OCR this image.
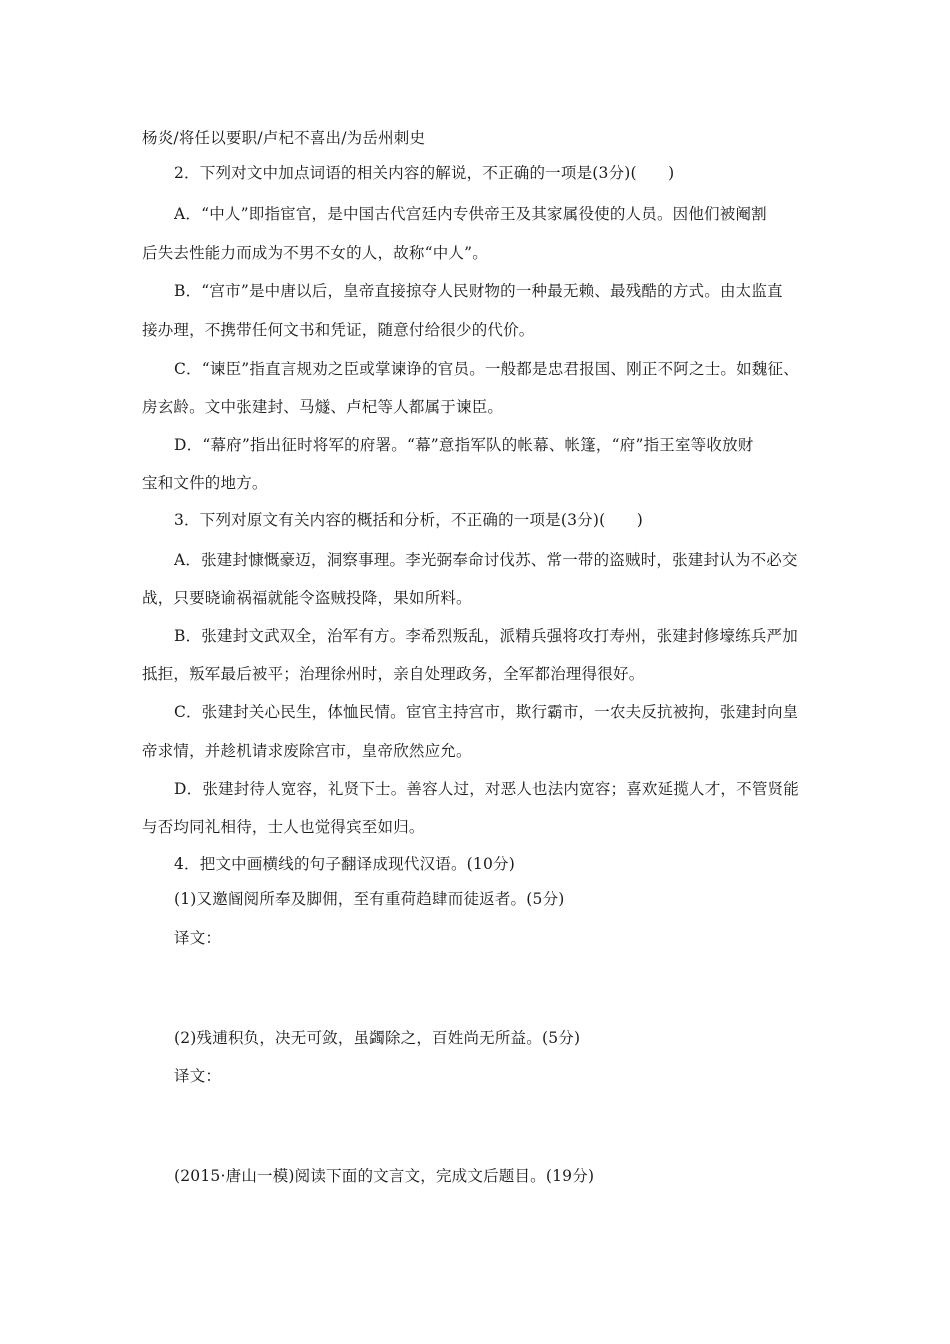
杨炎/将任以要职/卢杞不喜出/为岳州刺史
2．下列对文中加点词语的相关内容的解说，不正确的一项是(3分)(　　)
A．“中人”即指宦官，是中国古代宫廷内专供帝王及其家属役使的人员。因他们被阉割
后失去性能力而成为不男不女的人，故称“中人”。
B．“宫市”是中唐以后，皇帝直接掠夺人民财物的一种最无赖、最残酷的方式。由太监直
接办理，不携带任何文书和凭证，随意付给很少的代价。
C．“谏臣”指直言规劝之臣或掌谏诤的官员。一般都是忠君报国、刚正不阿之士。如魏征、
房玄龄。文中张建封、马燧、卢杞等人都属于谏臣。
D．“幕府”指出征时将军的府署。“幕”意指军队的帐幕、帐篷，“府”指王室等收放财
宝和文件的地方。
3．下列对原文有关内容的概括和分析，不正确的一项是(3分)(　　)
A．张建封慷慨豪迈，洞察事理。李光弼奉命讨伐苏、常一带的盗贼时，张建封认为不必交
战，只要晓谕祸福就能令盗贼投降，果如所料。
B．张建封文武双全，治军有方。李希烈叛乱，派精兵强将攻打寿州，张建封修壕练兵严加
抵拒，叛军最后被平；治理徐州时，亲自处理政务，全军都治理得很好。
C．张建封关心民生，体恤民情。宦官主持宫市，欺行霸市，一农夫反抗被拘，张建封向皇
帝求情，并趁机请求废除宫市，皇帝欣然应允。
D．张建封待人宽容，礼贤下士。善容人过，对恶人也法内宽容；喜欢延揽人才，不管贤能
与否均同礼相待，士人也觉得宾至如归。
4．把文中画横线的句子翻译成现代汉语。(10分)
(1)又邀阍阅所奉及脚佣，至有重荷趋肆而徒返者。(5分)
译文：
(2)残逋积负，决无可敛，虽蠲除之，百姓尚无所益。(5分)
译文：
(2015·唐山一模)阅读下面的文言文，完成文后题目。(19分)
